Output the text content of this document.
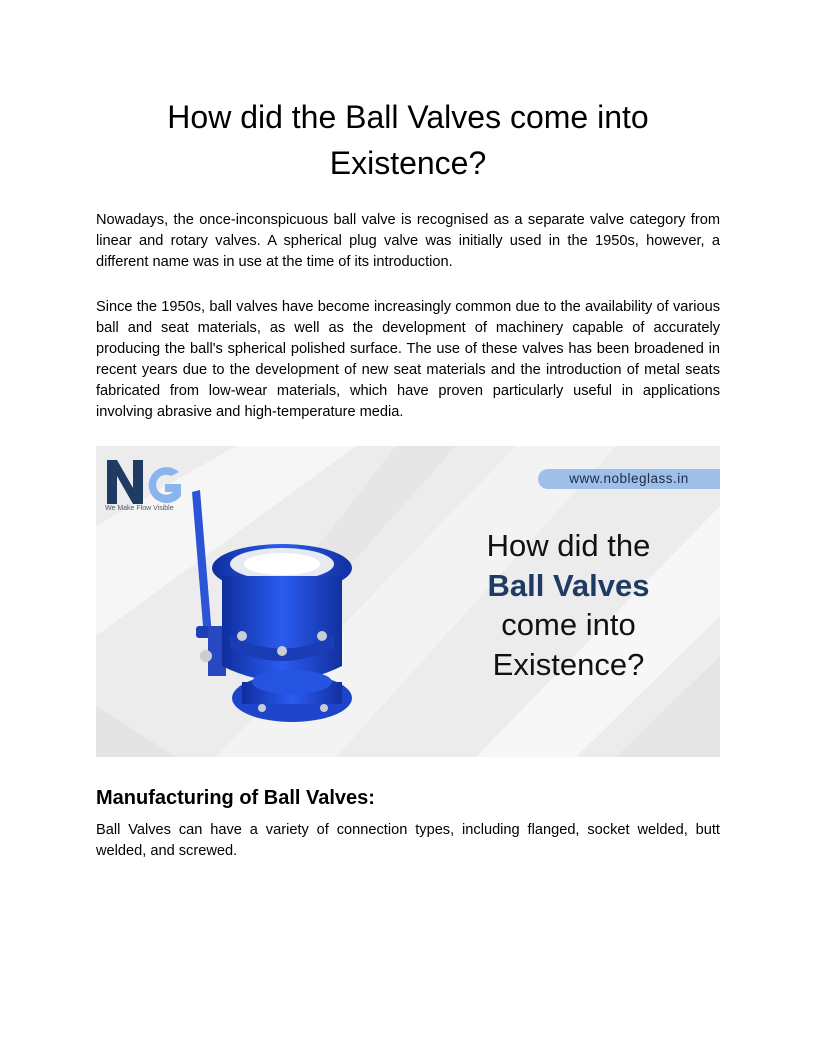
How did the Ball Valves come into Existence?

Nowadays, the once-inconspicuous ball valve is recognised as a separate valve category from linear and rotary valves. A spherical plug valve was initially used in the 1950s, however, a different name was in use at the time of its introduction.

Since the 1950s, ball valves have become increasingly common due to the availability of various ball and seat materials, as well as the development of machinery capable of accurately producing the ball's spherical polished surface. The use of these valves has been broadened in recent years due to the development of new seat materials and the introduction of metal seats fabricated from low-wear materials, which have proven particularly useful in applications involving abrasive and high-temperature media.

We Make Flow Visible
www.nobleglass.in
How did the
Ball Valves
come into
Existence?
Manufacturing of Ball Valves:

Ball Valves can have a variety of connection types, including flanged, socket welded, butt welded, and screwed.
